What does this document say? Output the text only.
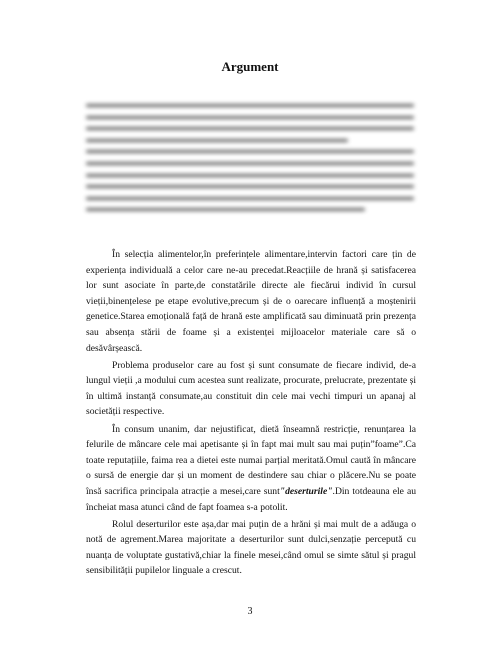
Argument

În selecția alimentelor,în preferințele alimentare,intervin factori care țin de experiența individuală a celor care ne-au precedat.Reacțiile de hrană și satisfacerea lor sunt asociate în parte,de constatările directe ale fiecărui individ în cursul vieții,binențelese pe etape evolutive,precum și de o oarecare influență a moștenirii genetice.Starea emoțională față de hrană este amplificată sau diminuată prin prezența sau absența stării de foame și a existenței mijloacelor materiale care să o desăvârșească.

Problema produselor care au fost și sunt consumate de fiecare individ, de-a lungul vieții ,a modului cum acestea sunt realizate, procurate, prelucrate, prezentate și în ultimă instanță consumate,au constituit din cele mai vechi timpuri un apanaj al societății respective.

În consum unanim, dar nejustificat, dietă înseamnă restricție, renunțarea la felurile de mâncare cele mai apetisante și în fapt mai mult sau mai puțin”foame”.Ca toate reputațiile, faima rea a dietei este numai parțial meritată.Omul caută în mâncare o sursă de energie dar și un moment de destindere sau chiar o plăcere.Nu se poate însă sacrifica principala atracție a mesei,care sunt"deserturile".Din totdeauna ele au încheiat masa atunci când de fapt foamea s-a potolit.

Rolul deserturilor este așa,dar mai puțin de a hrăni și mai mult de a adăuga o notă de agrement.Marea majoritate a deserturilor sunt dulci,senzație percepută cu nuanța de voluptate gustativă,chiar la finele mesei,când omul se simte sătul și pragul sensibilității pupilelor linguale a crescut.

3
